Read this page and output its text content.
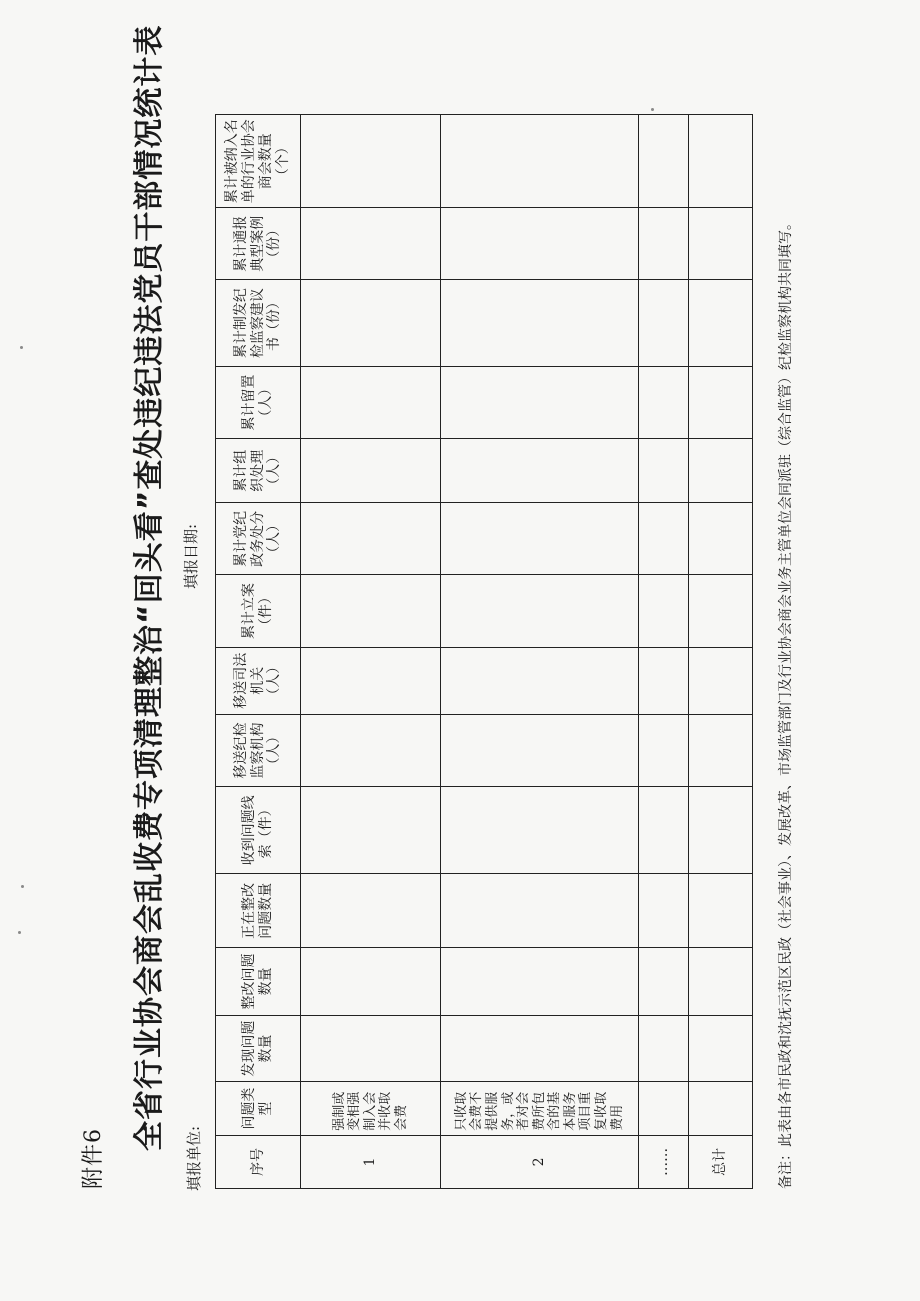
附件6
全省行业协会商会乱收费专项清理整治“回头看”查处违纪违法党员干部情况统计表
填报单位:
填报日期:
序号	问题类型	发现问题数量	整改问题数量	正在整改问题数量	收到问题线索（件）	移送纪检监察机构（人）	移送司法机关（人）	累计立案（件）	累计党纪政务处分（人）	累计组织处理（人）	累计留置（人）	累计制发纪检监察建议书（份）	累计通报典型案例（份）	累计被纳入名单的行业协会商会数量（个）
1	强制或变相强制入会并收取会费													
2	只收取会费不提供服务，或者对会费所包含的基本服务项目重复收取费用													
……														
总计															备注：此表由各市民政和沈抚示范区民政（社会事业）、发展改革、市场监管部门及行业协会商会业务主管单位会同派驻（综合监管）纪检监察机构共同填写。
